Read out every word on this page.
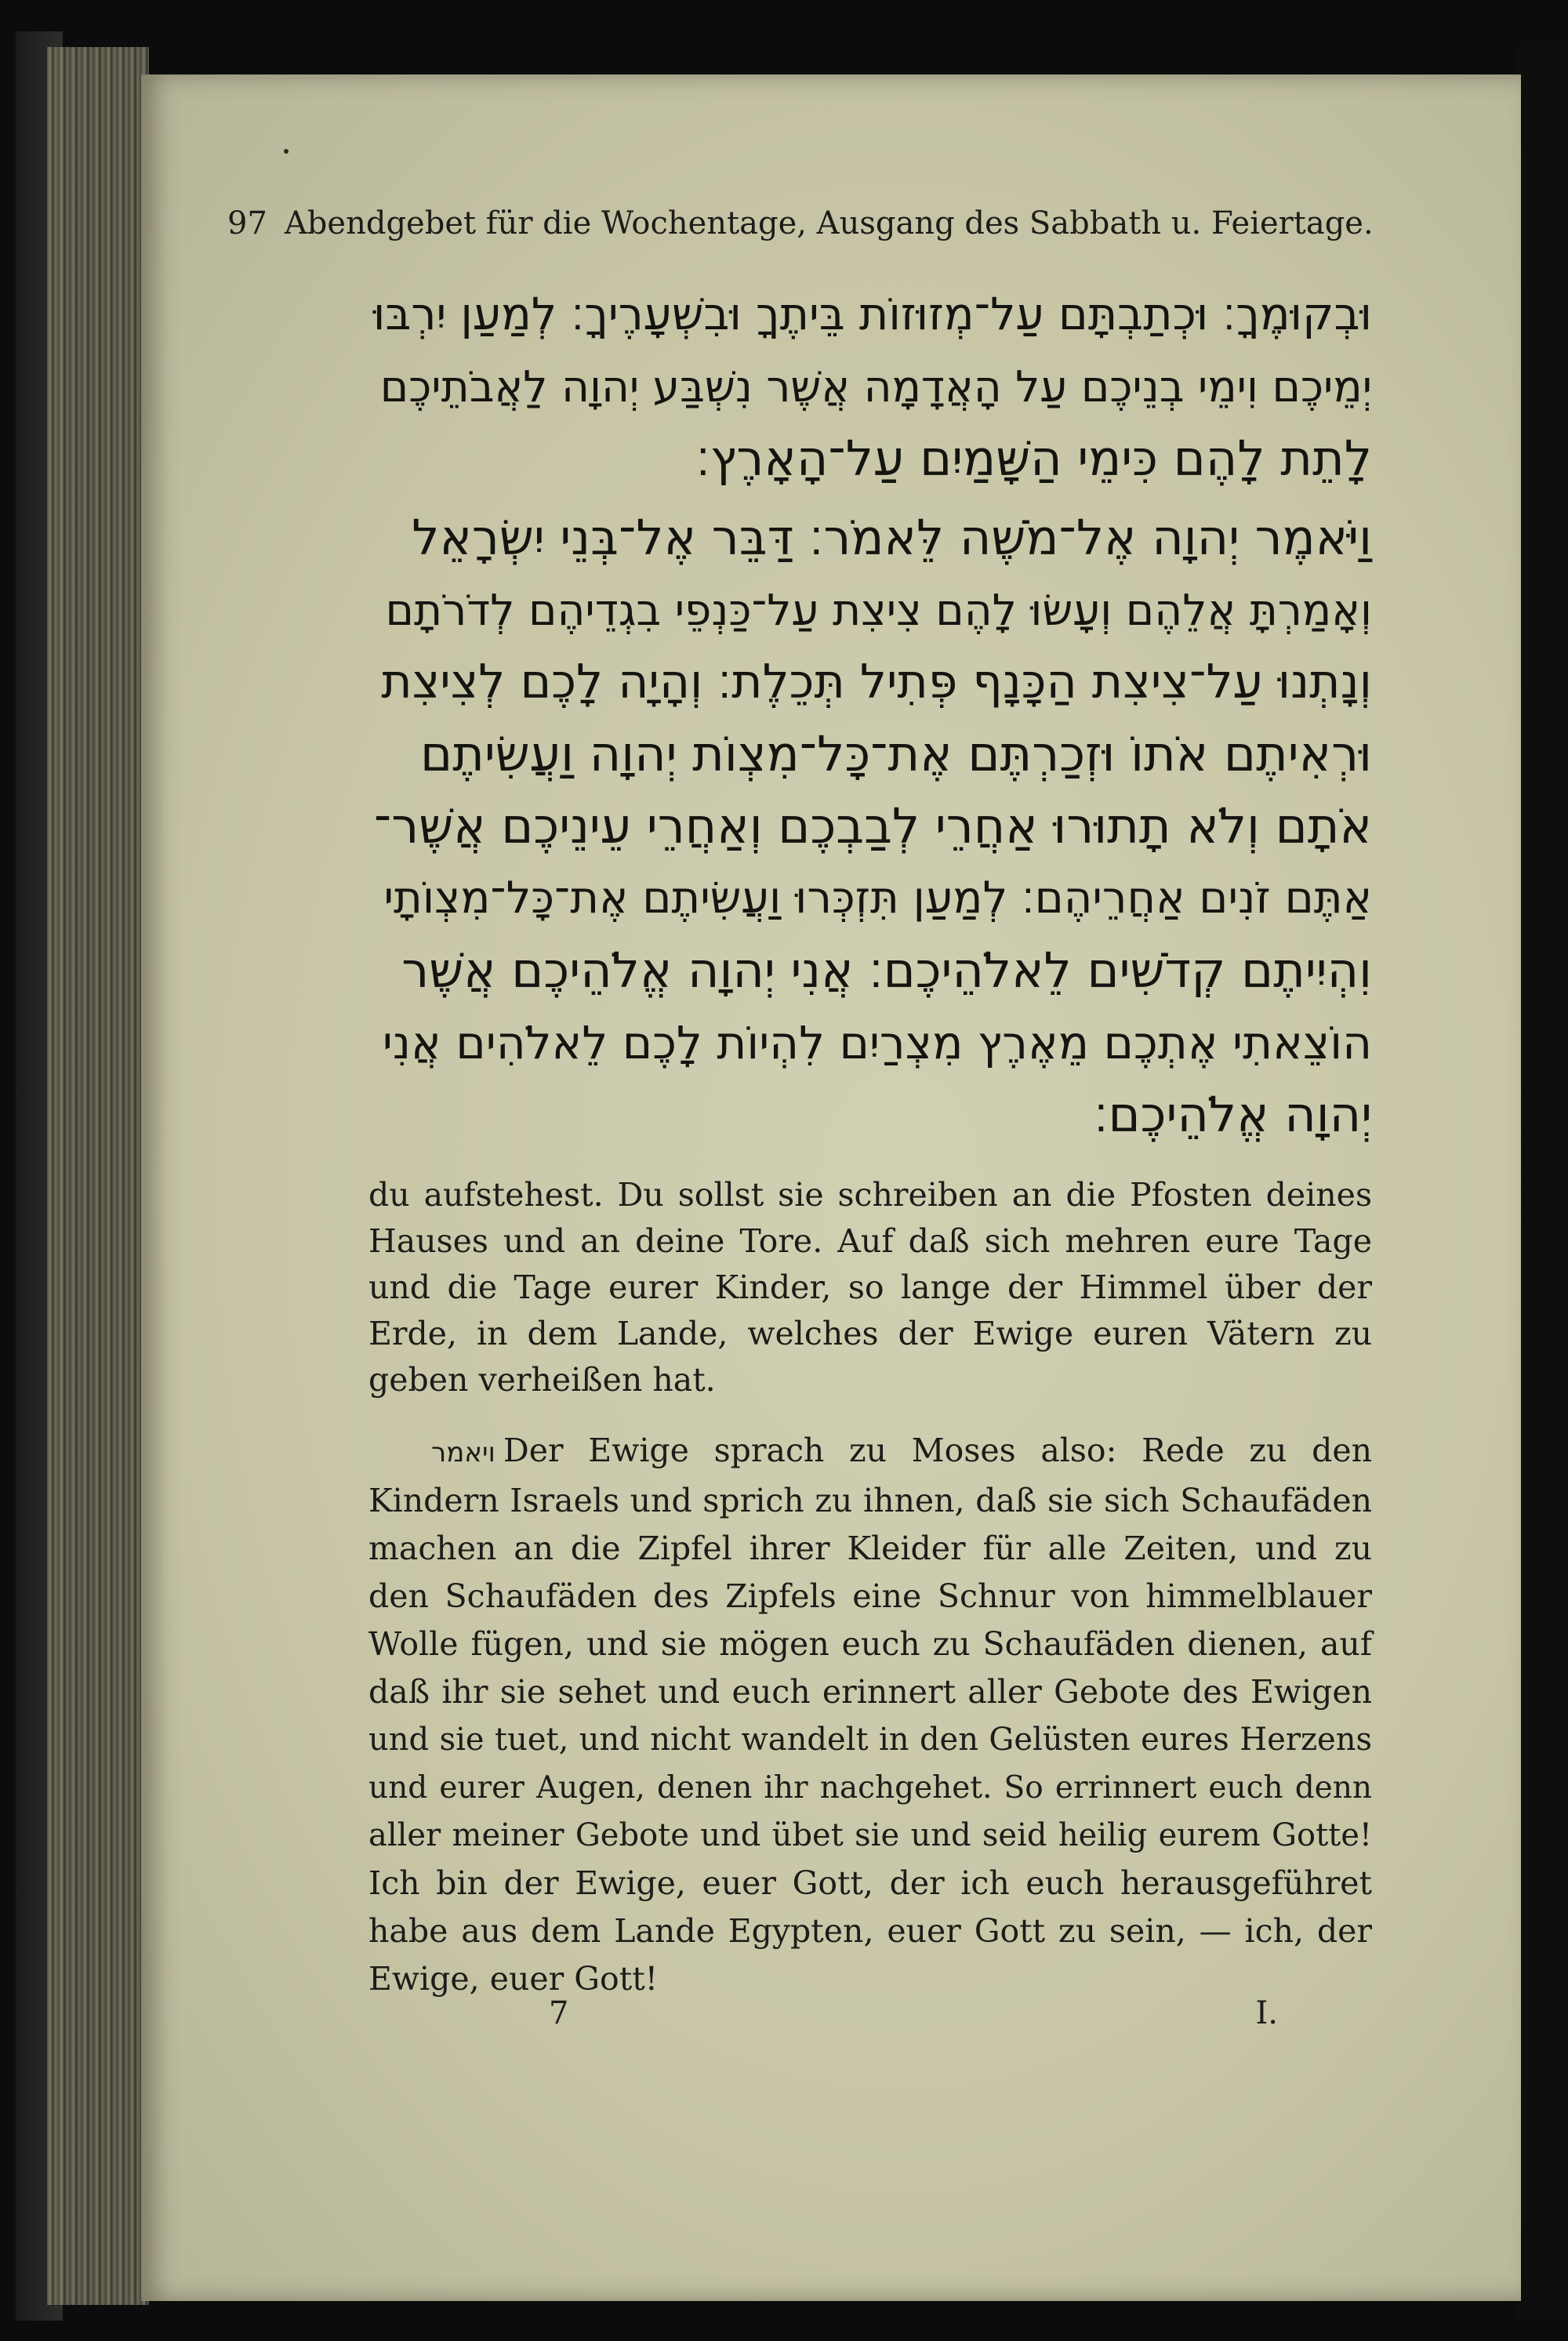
97 Abendgebet für die Wochentage, Ausgang des Sabbath u. Feiertage.
וּבְקוּמֶךָ׃ וּכְתַבְתָּם עַל־מְזוּזוֹת בֵּיתֶךָ וּבִשְׁעָרֶיךָ׃ לְמַעַן יִרְבּוּ
יְמֵיכֶם וִימֵי בְנֵיכֶם עַל הָאֲדָמָה אֲשֶׁר נִשְׁבַּע יְהוָה לַאֲבֹתֵיכֶם
לָתֵת לָהֶם כִּימֵי הַשָּׁמַיִם עַל־הָאָרֶץ׃
וַיֹּאמֶר יְהוָה אֶל־מֹשֶׁה לֵּאמֹר׃ דַּבֵּר אֶל־בְּנֵי יִשְׂרָאֵל
וְאָמַרְתָּ אֲלֵהֶם וְעָשׂוּ לָהֶם צִיצִת עַל־כַּנְפֵי בִגְדֵיהֶם לְדֹרֹתָם
וְנָתְנוּ עַל־צִיצִת הַכָּנָף פְּתִיל תְּכֵלֶת׃ וְהָיָה לָכֶם לְצִיצִת
וּרְאִיתֶם אֹתוֹ וּזְכַרְתֶּם אֶת־כָּל־מִצְוֹת יְהוָה וַעֲשִׂיתֶם
אֹתָם וְלֹא תָתוּרוּ אַחֲרֵי לְבַבְכֶם וְאַחֲרֵי עֵינֵיכֶם אֲשֶׁר־
אַתֶּם זֹנִים אַחֲרֵיהֶם׃ לְמַעַן תִּזְכְּרוּ וַעֲשִׂיתֶם אֶת־כָּל־מִצְוֹתָי
וִהְיִיתֶם קְדֹשִׁים לֵאלֹהֵיכֶם׃ אֲנִי יְהוָה אֱלֹהֵיכֶם אֲשֶׁר
הוֹצֵאתִי אֶתְכֶם מֵאֶרֶץ מִצְרַיִם לִהְיוֹת לָכֶם לֵאלֹהִים אֲנִי
יְהוָה אֱלֹהֵיכֶם׃
du aufstehest. Du sollst sie schreiben an die Pfosten deines
Hauses und an deine Tore. Auf daß sich mehren eure Tage
und die Tage eurer Kinder, so lange der Himmel über der
Erde, in dem Lande, welches der Ewige euren Vätern zu
geben verheißen hat.
ויאמר Der Ewige sprach zu Moses also: Rede zu den
Kindern Israels und sprich zu ihnen, daß sie sich Schaufäden
machen an die Zipfel ihrer Kleider für alle Zeiten, und zu
den Schaufäden des Zipfels eine Schnur von himmelblauer
Wolle fügen, und sie mögen euch zu Schaufäden dienen, auf
daß ihr sie sehet und euch erinnert aller Gebote des Ewigen
und sie tuet, und nicht wandelt in den Gelüsten eures Herzens
und eurer Augen, denen ihr nachgehet. So errinnert euch denn
aller meiner Gebote und übet sie und seid heilig eurem Gotte!
Ich bin der Ewige, euer Gott, der ich euch herausgeführet
habe aus dem Lande Egypten, euer Gott zu sein, — ich, der
Ewige, euer Gott!
7	I.
